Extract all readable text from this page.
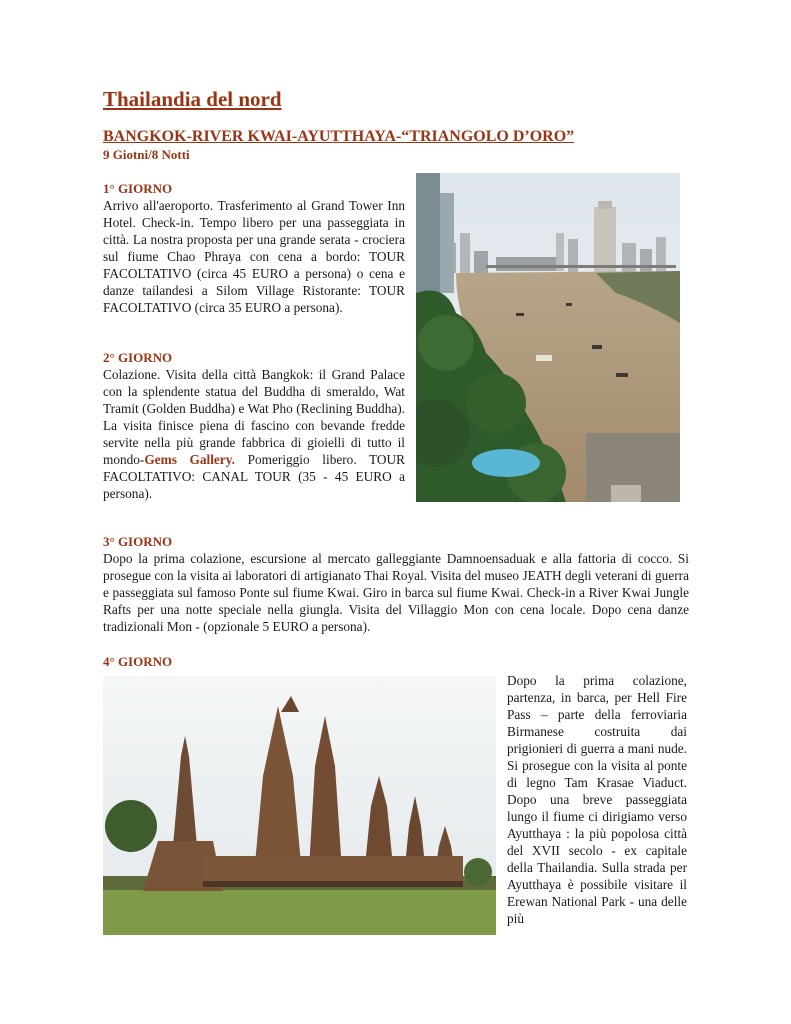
Thailandia del nord
BANGKOK-RIVER KWAI-AYUTTHAYA-“TRIANGOLO D’ORO”

9 Giotni/8 Notti

1° GIORNO

Arrivo all'aeroporto. Trasferimento al Grand Tower Inn Hotel. Check-in. Tempo libero per una passeggiata in città. La nostra proposta per una grande serata - crociera sul fiume Chao Phraya con cena a bordo: TOUR FACOLTATIVO (circa 45 EURO a persona) o cena e danze tailandesi a Silom Village Ristorante: TOUR FACOLTATIVO (circa 35 EURO a persona).

2° GIORNO

Colazione. Visita della città Bangkok: il Grand Palace con la splendente statua del Buddha di smeraldo, Wat Tramit (Golden Buddha) e Wat Pho (Reclining Buddha). La visita finisce piena di fascino con bevande fredde servite nella più grande fabbrica di gioielli di tutto il mondo-Gems Gallery. Pomeriggio libero. TOUR FACOLTATIVO: CANAL TOUR (35 - 45 EURO a persona).

3° GIORNO

Dopo la prima colazione, escursione al mercato galleggiante Damnoensaduak e alla fattoria di cocco. Si prosegue con la visita ai laboratori di artigianato Thai Royal. Visita del museo JEATH degli veterani di guerra e passeggiata sul famoso Ponte sul fiume Kwai. Giro in barca sul fiume Kwai. Check-in a River Kwai Jungle Rafts per una notte speciale nella giungla. Visita del Villaggio Mon con cena locale. Dopo cena danze tradizionali Mon - (opzionale 5 EURO a persona).

4° GIORNO

Dopo la prima colazione, partenza, in barca, per Hell Fire Pass – parte della ferroviaria Birmanese costruita dai prigionieri di guerra a mani nude. Si prosegue con la visita al ponte di legno Tam Krasae Viaduct. Dopo una breve passeggiata lungo il fiume ci dirigiamo verso Ayutthaya : la più popolosa città del XVII secolo - ex capitale della Thailandia. Sulla strada per Ayutthaya è possibile visitare il Erewan National Park - una delle più
